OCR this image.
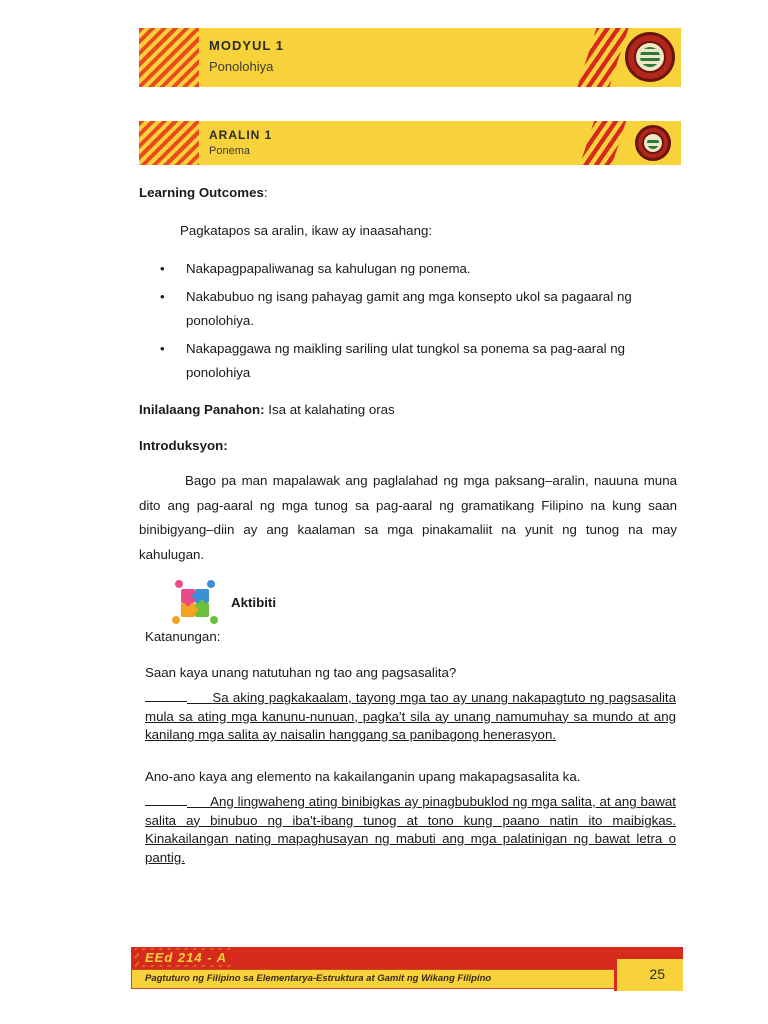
MODYUL 1
Ponolohiya
ARALIN 1
Ponema
Learning Outcomes:
Pagkatapos sa aralin, ikaw ay inaasahang:
• Nakapagpapaliwanag sa kahulugan ng ponema.
• Nakabubuo ng isang pahayag gamit ang mga konsepto ukol sa pagaaral ng ponolohiya.
• Nakapaggawa ng maikling sariling ulat tungkol sa ponema sa pag-aaral ng ponolohiya
Inilalaang Panahon: Isa at kalahating oras
Introduksyon:
Bago pa man mapalawak ang paglalahad ng mga paksang–aralin, nauuna muna dito ang pag-aaral ng mga tunog sa pag-aaral ng gramatikang Filipino na kung saan binibigyang–diin ay ang kaalaman sa mga pinakamaliit na yunit ng tunog na may kahulugan.
Aktibiti
Katanungan:
Saan kaya unang natutuhan ng tao ang pagsasalita?
Sa aking pagkakaalam, tayong mga tao ay unang nakapagtuto ng pagsasalita mula sa ating mga kanunu-nunuan, pagka't sila ay unang namumuhay sa mundo at ang kanilang mga salita ay naisalin hanggang sa panibagong henerasyon.
Ano-ano kaya ang elemento na kakailanganin upang makapagsasalita ka.
Ang lingwaheng ating binibigkas ay pinagbubuklod ng mga salita, at ang bawat salita ay binubuo ng iba't-ibang tunog at tono kung paano natin ito maibigkas. Kinakailangan nating mapaghusayan ng mabuti ang mga palatinigan ng bawat letra o pantig.
EEd 214 - A
Pagtuturo ng Filipino sa Elementarya-Estruktura at Gamit ng Wikang Filipino	25
